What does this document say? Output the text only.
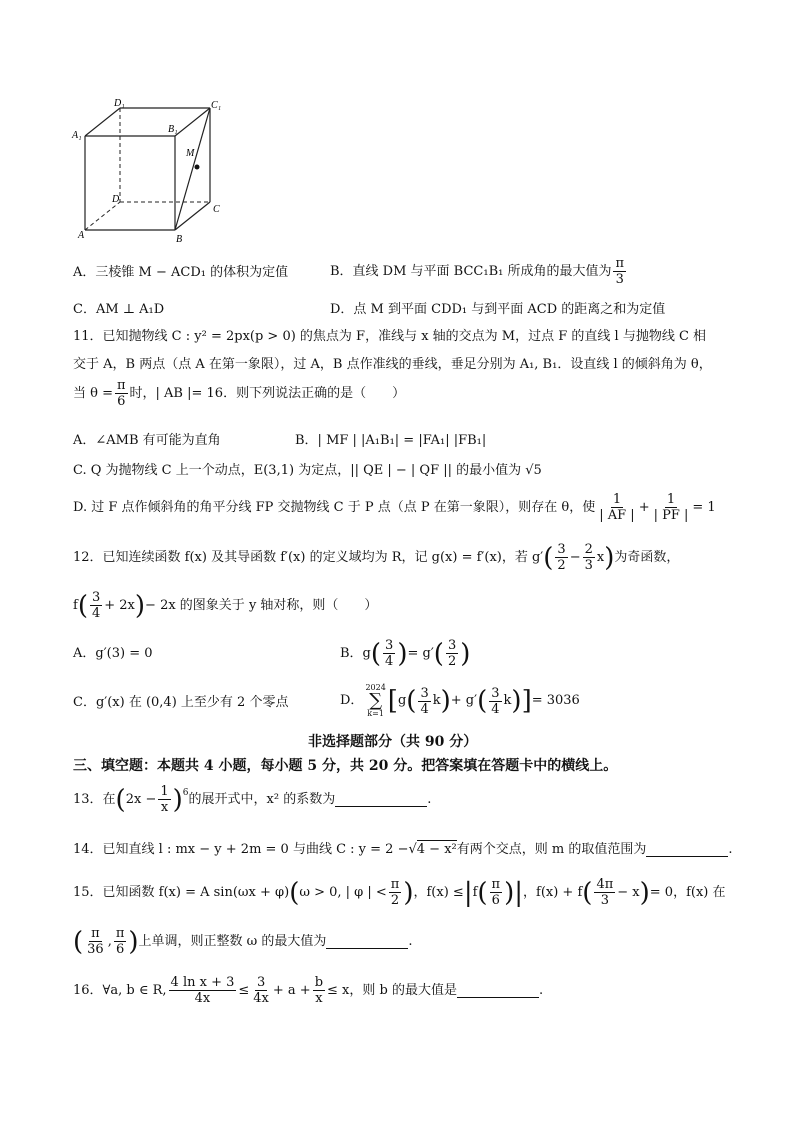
D₁	C₁
A₁
B₁
M
D
C
A	B
A．三棱锥 M − ACD₁ 的体积为定值	B．直线 DM 与平面 BCC₁B₁ 所成角的最大值为 $\frac{\pi}{3}$
C．AM ⊥ A₁D	D．点 M 到平面 CDD₁ 与到平面 ACD 的距离之和为定值
11．已知抛物线 C : y² = 2px(p > 0) 的焦点为 F，准线与 x 轴的交点为 M，过点 F 的直线 l 与抛物线 C 相
交于 A，B 两点（点 A 在第一象限），过 A，B 点作准线的垂线，垂足分别为 A₁, B₁．设直线 l 的倾斜角为 θ，
当 $\theta = \frac{\pi}{6}$ 时，| AB |= 16．则下列说法正确的是（　　）
A．∠AMB 有可能为直角	B．| MF | |A₁B₁| = |FA₁| |FB₁|
C. Q 为抛物线 C 上一个动点，E(3,1) 为定点，|| QE | − | QF || 的最小值为 √5
D. 过 F 点作倾斜角的角平分线 FP 交抛物线 C 于 P 点（点 P 在第一象限），则存在 θ，使 $\frac{1}{| AF |} + \frac{1}{| PF |} = 1$
12．已知连续函数 f(x) 及其导函数 f′(x) 的定义域均为 R，记 g(x) = f′(x)，若 g′ ( $\frac{3}{2} - \frac{2}{3}$ x ) 为奇函数，
f ( $\frac{3}{4} + 2x$ ) − 2x 的图象关于 y 轴对称，则（　　）
A．g′(3) = 0	B．g ( $\frac{3}{4}$ ) = g′ ( $\frac{3}{2}$ )
C．g′(x) 在 (0,4) 上至少有 2 个零点	D．
2024
∑
k=1 [ g ( $\frac{3}{4}$ k ) + g′ ( $\frac{3}{4}$ k ) ] = 3036
非选择题部分（共 90 分）
三、填空题：本题共 4 小题，每小题 5 分，共 20 分。把答案填在答题卡中的横线上。
13．在 ( $2x - \frac{1}{x}$ ) 6 的展开式中，x² 的系数为	.
14．已知直线 l : mx − y + 2m = 0 与曲线 C : y = 2 − √ 4 − x² 有两个交点，则 m 的取值范围为	.
15．已知函数 f(x) = A sin(ωx + φ) ( ω > 0, | φ | < $\frac{\pi}{2}$ ) ，f(x) ≤ | f ( $\frac{\pi}{6}$ ) | ，f(x) + f ( $\frac{4\pi}{3} - x$ ) = 0，f(x) 在
( $\frac{\pi}{36}$ , $\frac{\pi}{6}$ ) 上单调，则正整数 ω 的最大值为	.
16．∀a, b ∈ R, $\frac{\text{4 ln x + 3}}{4x} \le \frac{3}{4x} + a + \frac{b}{x} \le x$，则 b 的最大值是	.
